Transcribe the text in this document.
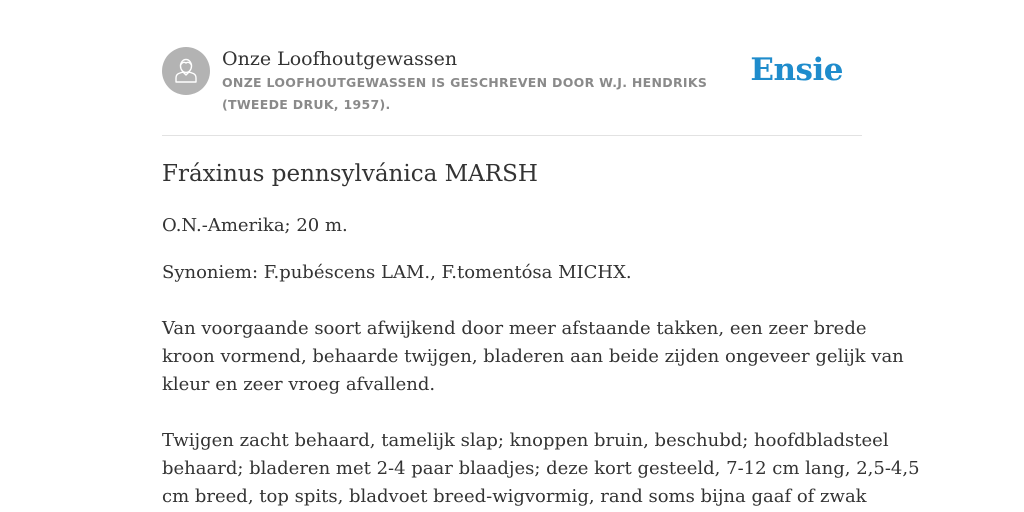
Onze Loofhoutgewassen
ONZE LOOFHOUTGEWASSEN IS GESCHREVEN DOOR W.J. HENDRIKS (TWEEDE DRUK, 1957).
Ensie
Fráxinus pennsylvánica MARSH

O.N.-Amerika; 20 m.

Synoniem: F.pubéscens LAM., F.tomentósa MICHX.

Van voorgaande soort afwijkend door meer afstaande takken, een zeer brede
kroon vormend, behaarde twijgen, bladeren aan beide zijden ongeveer gelijk van
kleur en zeer vroeg afvallend.
Twijgen zacht behaard, tamelijk slap; knoppen bruin, beschubd; hoofdbladsteel
behaard; bladeren met 2-4 paar blaadjes; deze kort gesteeld, 7-12 cm lang, 2,5-4,5
cm breed, top spits, bladvoet breed-wigvormig, rand soms bijna gaaf of zwak
